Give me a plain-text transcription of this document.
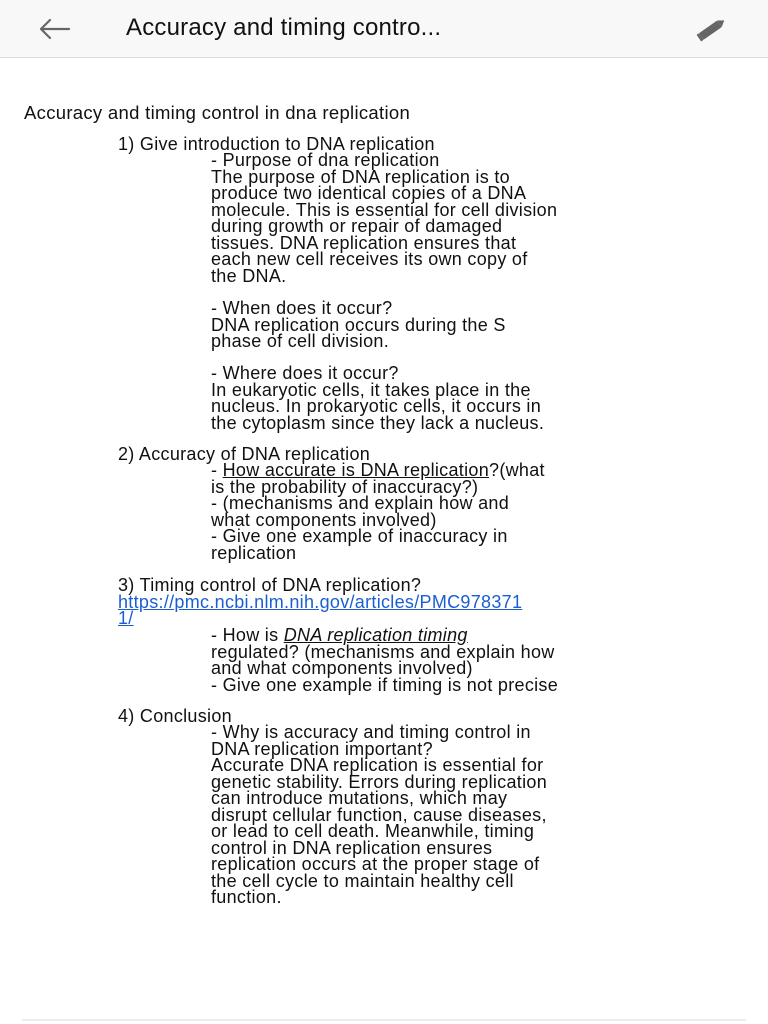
Accuracy and timing contro...
Accuracy and timing control in dna replication
1) Give introduction to DNA replication
- Purpose of dna replication
The purpose of DNA replication is to
produce two identical copies of a DNA
molecule. This is essential for cell division
during growth or repair of damaged
tissues. DNA replication ensures that
each new cell receives its own copy of
the DNA.
- When does it occur?
DNA replication occurs during the S
phase of cell division.
- Where does it occur?
In eukaryotic cells, it takes place in the
nucleus. In prokaryotic cells, it occurs in
the cytoplasm since they lack a nucleus.
2) Accuracy of DNA replication
- How accurate is DNA replication?(what
is the probability of inaccuracy?)
- (mechanisms and explain how and
what components involved)
- Give one example of inaccuracy in
replication
3) Timing control of DNA replication?
https://pmc.ncbi.nlm.nih.gov/articles/PMC978371
1/
- How is DNA replication timing
regulated? (mechanisms and explain how
and what components involved)
- Give one example if timing is not precise
4) Conclusion
- Why is accuracy and timing control in
DNA replication important?
Accurate DNA replication is essential for
genetic stability. Errors during replication
can introduce mutations, which may
disrupt cellular function, cause diseases,
or lead to cell death. Meanwhile, timing
control in DNA replication ensures
replication occurs at the proper stage of
the cell cycle to maintain healthy cell
function.
